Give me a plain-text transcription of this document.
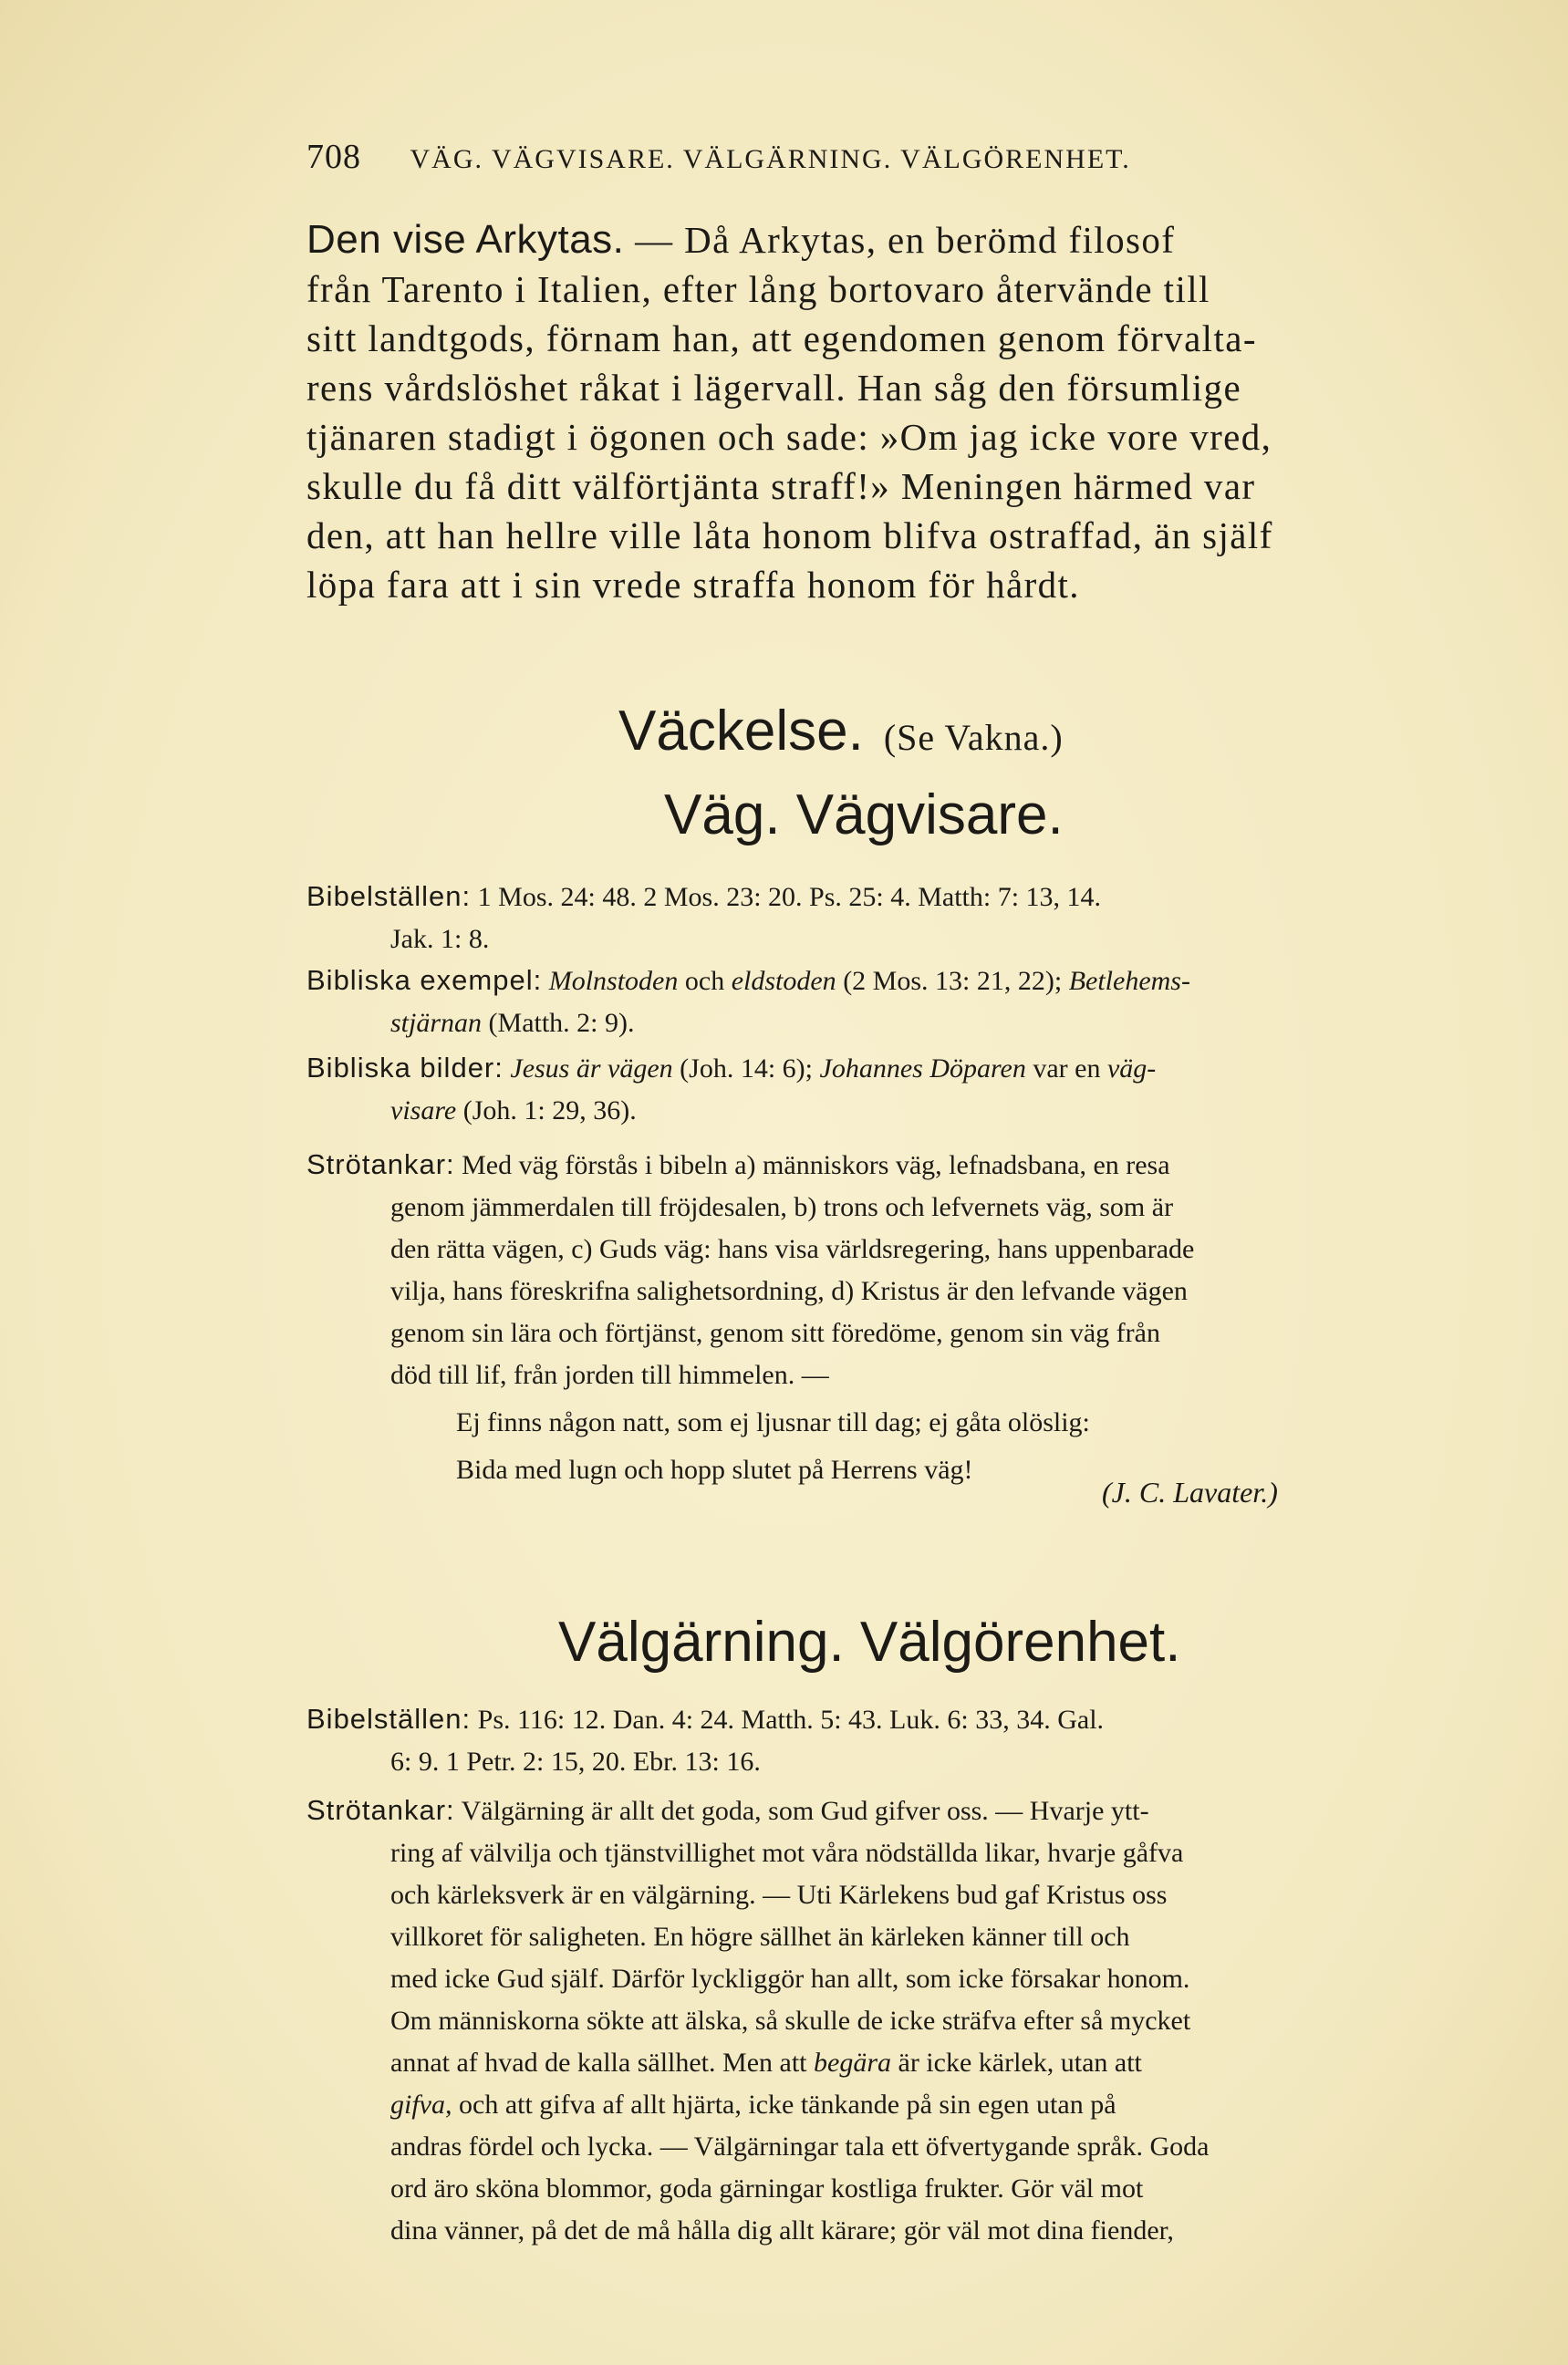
708 VÄG. VÄGVISARE. VÄLGÄRNING. VÄLGÖRENHET.
Den vise Arkytas. — Då Arkytas, en berömd filosof
från Tarento i Italien, efter lång bortovaro återvände till
sitt landtgods, förnam han, att egendomen genom förvalta-
rens vårdslöshet råkat i lägervall. Han såg den försumlige
tjänaren stadigt i ögonen och sade: »Om jag icke vore vred,
skulle du få ditt välförtjänta straff!» Meningen härmed var
den, att han hellre ville låta honom blifva ostraffad, än själf
löpa fara att i sin vrede straffa honom för hårdt.
Väckelse. (Se Vakna.)
Väg. Vägvisare.
Bibelställen: 1 Mos. 24: 48. 2 Mos. 23: 20. Ps. 25: 4. Matth: 7: 13, 14.
Jak. 1: 8.
Bibliska exempel: Molnstoden och eldstoden (2 Mos. 13: 21, 22); Betlehems-
stjärnan (Matth. 2: 9).
Bibliska bilder: Jesus är vägen (Joh. 14: 6); Johannes Döparen var en väg-
visare (Joh. 1: 29, 36).
Strötankar: Med väg förstås i bibeln a) människors väg, lefnadsbana, en resa
genom jämmerdalen till fröjdesalen, b) trons och lefvernets väg, som är
den rätta vägen, c) Guds väg: hans visa världsregering, hans uppenbarade
vilja, hans föreskrifna salighetsordning, d) Kristus är den lefvande vägen
genom sin lära och förtjänst, genom sitt föredöme, genom sin väg från
död till lif, från jorden till himmelen. —
Ej finns någon natt, som ej ljusnar till dag; ej gåta olöslig:
Bida med lugn och hopp slutet på Herrens väg!
(J. C. Lavater.)
Välgärning. Välgörenhet.
Bibelställen: Ps. 116: 12. Dan. 4: 24. Matth. 5: 43. Luk. 6: 33, 34. Gal.
6: 9. 1 Petr. 2: 15, 20. Ebr. 13: 16.
Strötankar: Välgärning är allt det goda, som Gud gifver oss. — Hvarje ytt-
ring af välvilja och tjänstvillighet mot våra nödställda likar, hvarje gåfva
och kärleksverk är en välgärning. — Uti Kärlekens bud gaf Kristus oss
villkoret för saligheten. En högre sällhet än kärleken känner till och
med icke Gud själf. Därför lyckliggör han allt, som icke försakar honom.
Om människorna sökte att älska, så skulle de icke sträfva efter så mycket
annat af hvad de kalla sällhet. Men att begära är icke kärlek, utan att
gifva, och att gifva af allt hjärta, icke tänkande på sin egen utan på
andras fördel och lycka. — Välgärningar tala ett öfvertygande språk. Goda
ord äro sköna blommor, goda gärningar kostliga frukter. Gör väl mot
dina vänner, på det de må hålla dig allt kärare; gör väl mot dina fiender,
